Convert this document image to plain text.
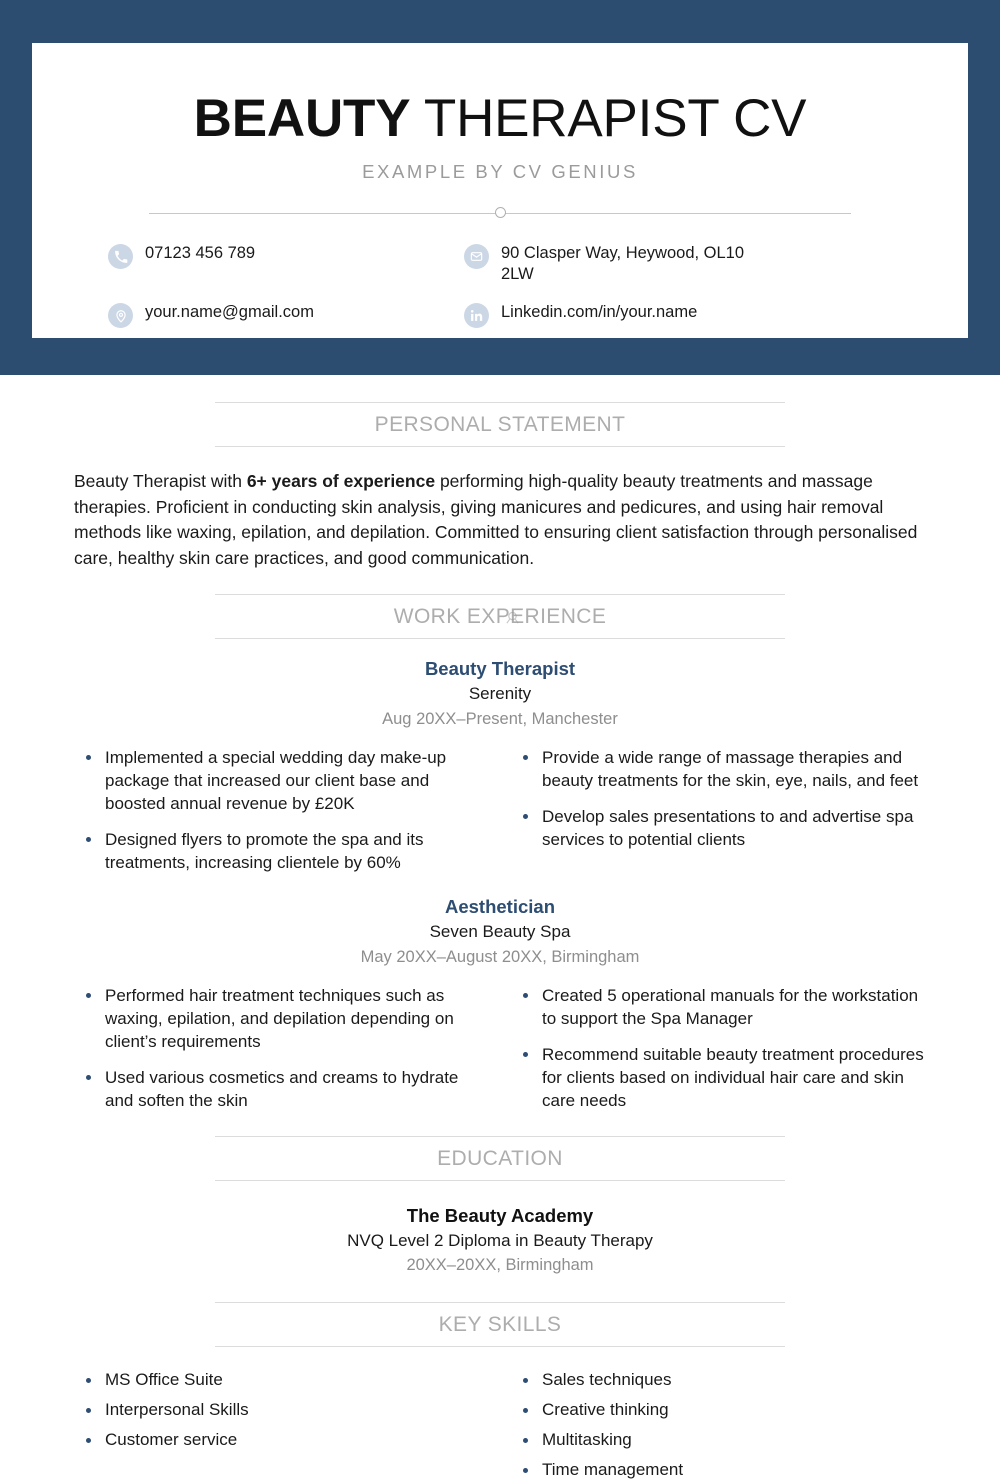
BEAUTY THERAPIST CV
EXAMPLE BY CV GENIUS
07123 456 789	90 Clasper Way, Heywood, OL10 2LW
your.name@gmail.com	Linkedin.com/in/your.name
PERSONAL STATEMENT

Beauty Therapist with 6+ years of experience performing high-quality beauty treatments and massage therapies. Proficient in conducting skin analysis, giving manicures and pedicures, and using hair removal methods like waxing, epilation, and depilation. Committed to ensuring client satisfaction through personalised care, healthy skin care practices, and good communication.

WORK EXPERIENCE
Beauty Therapist
Serenity
Aug 20XX–Present, Manchester
Implemented a special wedding day make-up package that increased our client base and boosted annual revenue by £20K
Designed flyers to promote the spa and its treatments, increasing clientele by 60%
Provide a wide range of massage therapies and beauty treatments for the skin, eye, nails, and feet
Develop sales presentations to and advertise spa services to potential clients
Aesthetician
Seven Beauty Spa
May 20XX–August 20XX, Birmingham
Performed hair treatment techniques such as waxing, epilation, and depilation depending on client’s requirements
Used various cosmetics and creams to hydrate and soften the skin
Created 5 operational manuals for the workstation to support the Spa Manager
Recommend suitable beauty treatment procedures for clients based on individual hair care and skin care needs
EDUCATION
The Beauty Academy
NVQ Level 2 Diploma in Beauty Therapy
20XX–20XX, Birmingham
KEY SKILLS
MS Office Suite
Interpersonal Skills
Customer service
Sales techniques
Creative thinking
Multitasking
Time management
